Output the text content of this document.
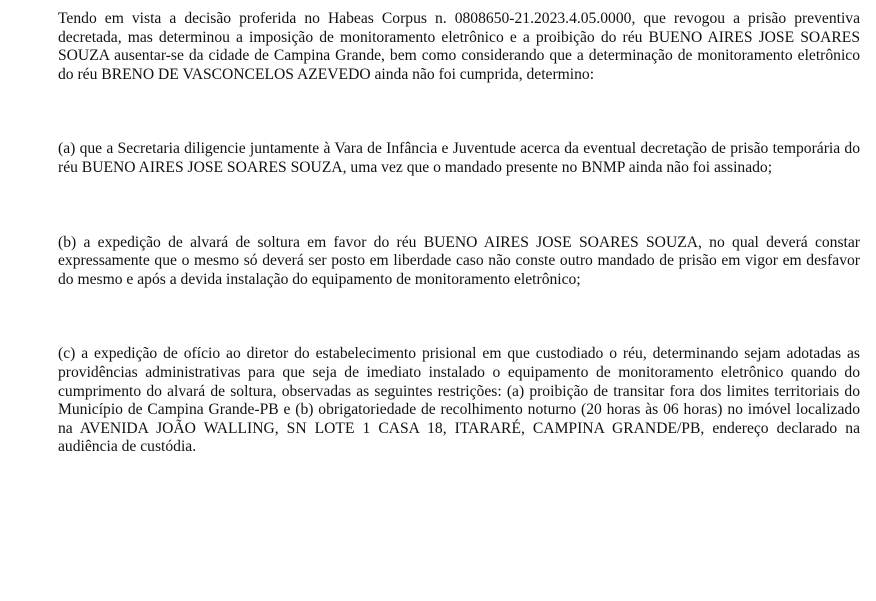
Tendo em vista a decisão proferida no Habeas Corpus n. 0808650-21.2023.4.05.0000, que revogou a prisão preventiva decretada, mas determinou a imposição de monitoramento eletrônico e a proibição do réu BUENO AIRES JOSE SOARES SOUZA ausentar-se da cidade de Campina Grande, bem como considerando que a determinação de monitoramento eletrônico do réu BRENO DE VASCONCELOS AZEVEDO ainda não foi cumprida, determino:

(a) que a Secretaria diligencie juntamente à Vara de Infância e Juventude acerca da eventual decretação de prisão temporária do réu BUENO AIRES JOSE SOARES SOUZA, uma vez que o mandado presente no BNMP ainda não foi assinado;

(b) a expedição de alvará de soltura em favor do réu BUENO AIRES JOSE SOARES SOUZA, no qual deverá constar expressamente que o mesmo só deverá ser posto em liberdade caso não conste outro mandado de prisão em vigor em desfavor do mesmo e após a devida instalação do equipamento de monitoramento eletrônico;

(c) a expedição de ofício ao diretor do estabelecimento prisional em que custodiado o réu, determinando sejam adotadas as providências administrativas para que seja de imediato instalado o equipamento de monitoramento eletrônico quando do cumprimento do alvará de soltura, observadas as seguintes restrições: (a) proibição de transitar fora dos limites territoriais do Município de Campina Grande-PB e (b) obrigatoriedade de recolhimento noturno (20 horas às 06 horas) no imóvel localizado na AVENIDA JOÃO WALLING, SN LOTE 1 CASA 18, ITARARÉ, CAMPINA GRANDE/PB, endereço declarado na audiência de custódia.
